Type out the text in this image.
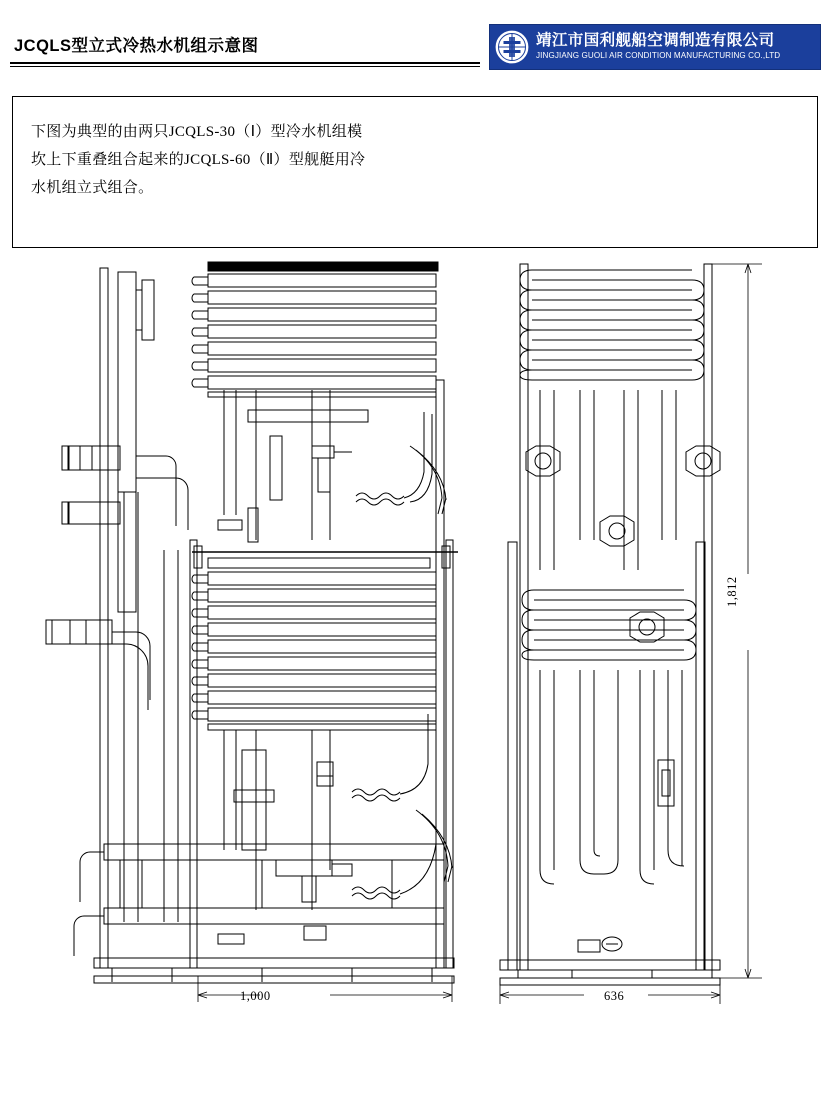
JCQLS型立式冷热水机组示意图	靖江市国利舰船空调制造有限公司
JINGJIANG GUOLI AIR CONDITION MANUFACTURING CO.,LTD
下图为典型的由两只JCQLS-30（Ⅰ）型冷水机组模
坎上下重叠组合起来的JCQLS-60（Ⅱ）型舰艇用冷
水机组立式组合。
1,000	636
1,812
